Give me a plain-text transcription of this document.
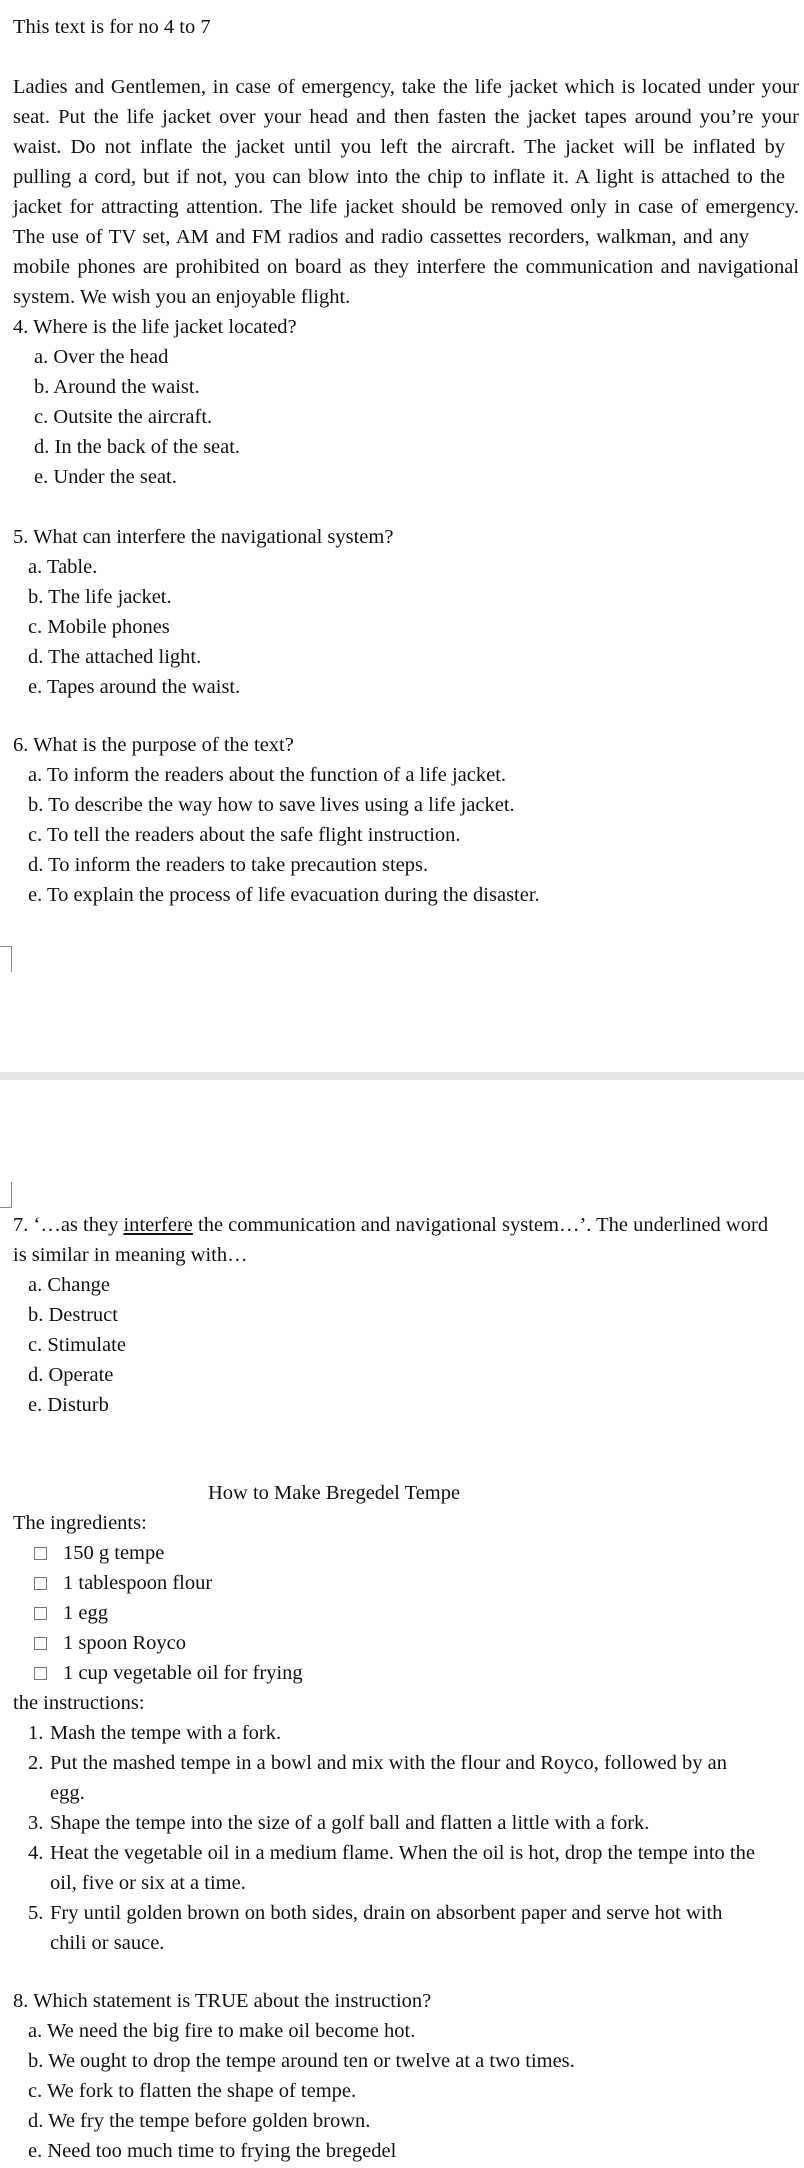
This text is for no 4 to 7
Ladies and Gentlemen, in case of emergency, take the life jacket which is located under your
seat. Put the life jacket over your head and then fasten the jacket tapes around you’re your
waist. Do not inflate the jacket until you left the aircraft. The jacket will be inflated by
pulling a cord, but if not, you can blow into the chip to inflate it. A light is attached to the
jacket for attracting attention. The life jacket should be removed only in case of emergency.
The use of TV set, AM and FM radios and radio cassettes recorders, walkman, and any
mobile phones are prohibited on board as they interfere the communication and navigational
system. We wish you an enjoyable flight.
4. Where is the life jacket located?
a. Over the head
b. Around the waist.
c. Outsite the aircraft.
d. In the back of the seat.
e. Under the seat.
5. What can interfere the navigational system?
a. Table.
b. The life jacket.
c. Mobile phones
d. The attached light.
e. Tapes around the waist.
6. What is the purpose of the text?
a. To inform the readers about the function of a life jacket.
b. To describe the way how to save lives using a life jacket.
c. To tell the readers about the safe flight instruction.
d. To inform the readers to take precaution steps.
e. To explain the process of life evacuation during the disaster.
7. ‘…as they interfere the communication and navigational system…’. The underlined word
is similar in meaning with…
a. Change
b. Destruct
c. Stimulate
d. Operate
e. Disturb
How to Make Bregedel Tempe
The ingredients:
150 g tempe
1 tablespoon flour
1 egg
1 spoon Royco
1 cup vegetable oil for frying
the instructions:
1. Mash the tempe with a fork.
2. Put the mashed tempe in a bowl and mix with the flour and Royco, followed by an
egg.
3. Shape the tempe into the size of a golf ball and flatten a little with a fork.
4. Heat the vegetable oil in a medium flame. When the oil is hot, drop the tempe into the
oil, five or six at a time.
5. Fry until golden brown on both sides, drain on absorbent paper and serve hot with
chili or sauce.
8. Which statement is TRUE about the instruction?
a. We need the big fire to make oil become hot.
b. We ought to drop the tempe around ten or twelve at a two times.
c. We fork to flatten the shape of tempe.
d. We fry the tempe before golden brown.
e. Need too much time to frying the bregedel
